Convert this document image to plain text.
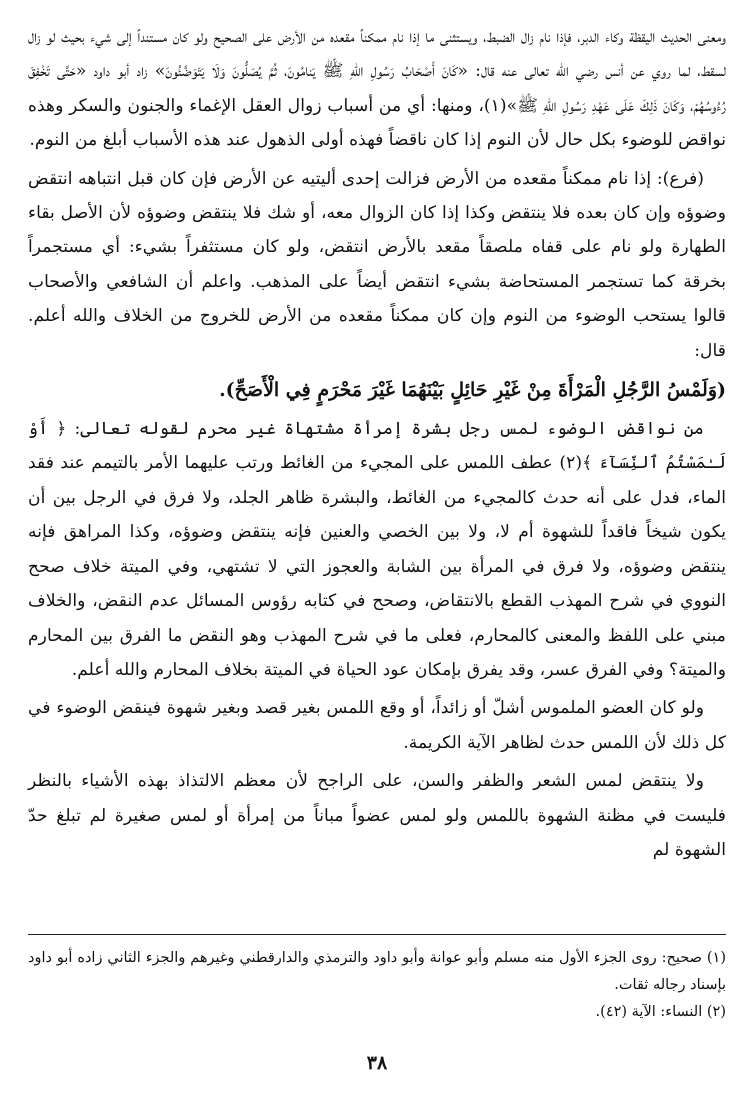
ومعنى الحديث اليقظة وكاء الدبر، فإذا نام زال الضبط، ويستثنى ما إذا نام ممكناً مقعده من الأرض على الصحيح ولو كان مستنداً إلى شيء بحيث لو زال لسقط، لما روي عن أنس رضي الله تعالى عنه قال: «كَانَ أَصْحَابُ رَسُولِ اللهِ ﷺ يَنامُونَ، ثُمَّ يُصَلُّونَ وَلَا يَتَوَضَّئُونَ» زاد أبو داود «حَتَّى تَخْفِقَ رُءُوسُهُمْ، وَكَانَ ذَلِكَ عَلَى عَهْدِ رَسُولِ اللهِ ﷺ»(١)، ومنها: أي من أسباب زوال العقل الإغماء والجنون والسكر وهذه نواقض للوضوء بكل حال لأن النوم إذا كان ناقضاً فهذه أولى الذهول عند هذه الأسباب أبلغ من النوم.

(فرع): إذا نام ممكناً مقعده من الأرض فزالت إحدى أليتيه عن الأرض فإن كان قبل انتباهه انتقض وضوؤه وإن كان بعده فلا ينتقض وكذا إذا كان الزوال معه، أو شك فلا ينتقض وضوؤه لأن الأصل بقاء الطهارة ولو نام على قفاه ملصقاً مقعد بالأرض انتقض، ولو كان مستثفراً بشيء: أي مستجمراً بخرقة كما تستجمر المستحاضة بشيء انتقض أيضاً على المذهب. واعلم أن الشافعي والأصحاب قالوا يستحب الوضوء من النوم وإن كان ممكناً مقعده من الأرض للخروج من الخلاف والله أعلم. قال:

(وَلَمْسُ الرَّجُلِ الْمَرْأَةَ مِنْ غَيْرِ حَائِلٍ بَيْنَهُمَا غَيْرَ مَحْرَمٍ فِي الْأَصَحِّ).

من نواقض الوضوء لمس رجل بشرة إمرأة مشتهاة غير محرم لقوله تعالى: ﴿ أَوْ لَـٰمَسْتُمُ ٱلنِّسَآءَ ﴾(٢) عطف اللمس على المجيء من الغائط ورتب عليهما الأمر بالتيمم عند فقد الماء، فدل على أنه حدث كالمجيء من الغائط، والبشرة ظاهر الجلد، ولا فرق في الرجل بين أن يكون شيخاً فاقداً للشهوة أم لا، ولا بين الخصي والعنين فإنه ينتقض وضوؤه، وكذا المراهق فإنه ينتقض وضوؤه، ولا فرق في المرأة بين الشابة والعجوز التي لا تشتهي، وفي الميتة خلاف صحح النووي في شرح المهذب القطع بالانتقاض، وصحح في كتابه رؤوس المسائل عدم النقض، والخلاف مبني على اللفظ والمعنى كالمحارم، فعلى ما في شرح المهذب وهو النقض ما الفرق بين المحارم والميتة؟ وفي الفرق عسر، وقد يفرق بإمكان عود الحياة في الميتة بخلاف المحارم والله أعلم.

ولو كان العضو الملموس أشلّ أو زائداً، أو وقع اللمس بغير قصد وبغير شهوة فينقض الوضوء في كل ذلك لأن اللمس حدث لظاهر الآية الكريمة.

ولا ينتقض لمس الشعر والظفر والسن، على الراجح لأن معظم الالتذاذ بهذه الأشياء بالنظر فليست في مظنة الشهوة باللمس ولو لمس عضواً مباناً من إمرأة أو لمس صغيرة لم تبلغ حدّ الشهوة لم

(١) صحيح: روى الجزء الأول منه مسلم وأبو عوانة وأبو داود والترمذي والدارقطني وغيرهم والجزء الثاني زاده أبو داود بإسناد رجاله ثقات.

(٢) النساء: الآية (٤٢).

٣٨
